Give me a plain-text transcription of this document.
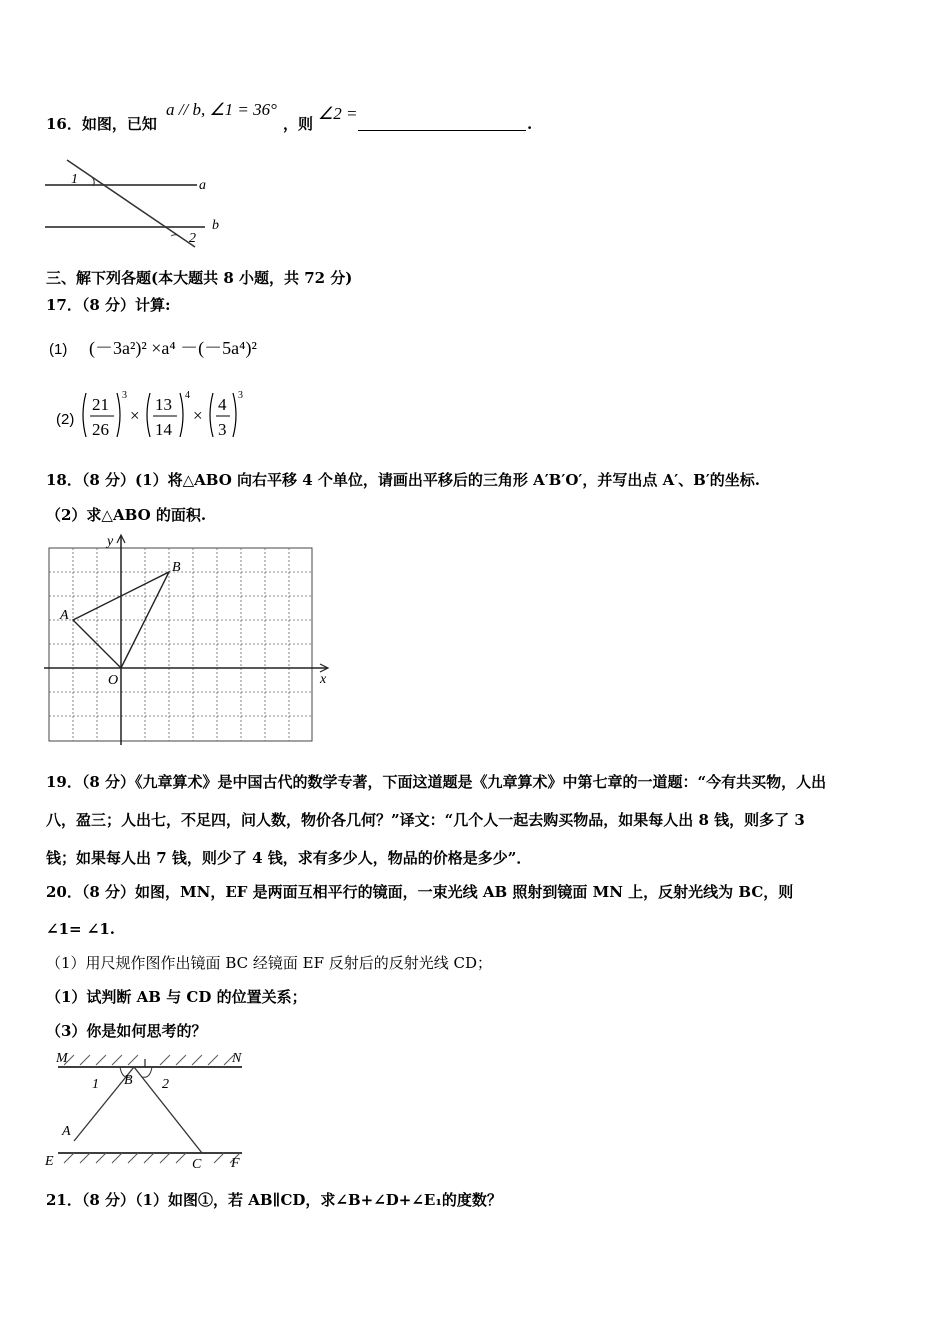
16．如图，已知
a // b, ∠1 = 36°
，则
∠2 =
.
1
2
a
b
三、解下列各题(本大题共 8 小题，共 72 分)
17．（8 分）计算:
(1) (－3a²)² ×a⁴ －(－5a⁴)²
(2)
21
26
3
×
13
14
4
×
4
3
3
18．（8 分）(1）将△ABO 向右平移 4 个单位，请画出平移后的三角形 A′B′O′，并写出点 A′、B′的坐标.
（2）求△ABO 的面积.
y
x
O
A
B
19．（8 分）《九章算术》是中国古代的数学专著，下面这道题是《九章算术》中第七章的一道题：“今有共买物，人出
八，盈三；人出七，不足四，问人数，物价各几何？”译文：“几个人一起去购买物品，如果每人出 8 钱，则多了 3
钱；如果每人出 7 钱，则少了 4 钱，求有多少人，物品的价格是多少”．
20．（8 分）如图，MN，EF 是两面互相平行的镜面，一束光线 AB 照射到镜面 MN 上，反射光线为 BC，则
∠1= ∠1.
（1）用尺规作图作出镜面 BC 经镜面 EF 反射后的反射光线 CD；
（1）试判断 AB 与 CD 的位置关系；
（3）你是如何思考的？
M	N
E	F
A
B
C
1	2
21．（8 分）（1）如图①，若 AB∥CD，求∠B+∠D+∠E₁的度数？
